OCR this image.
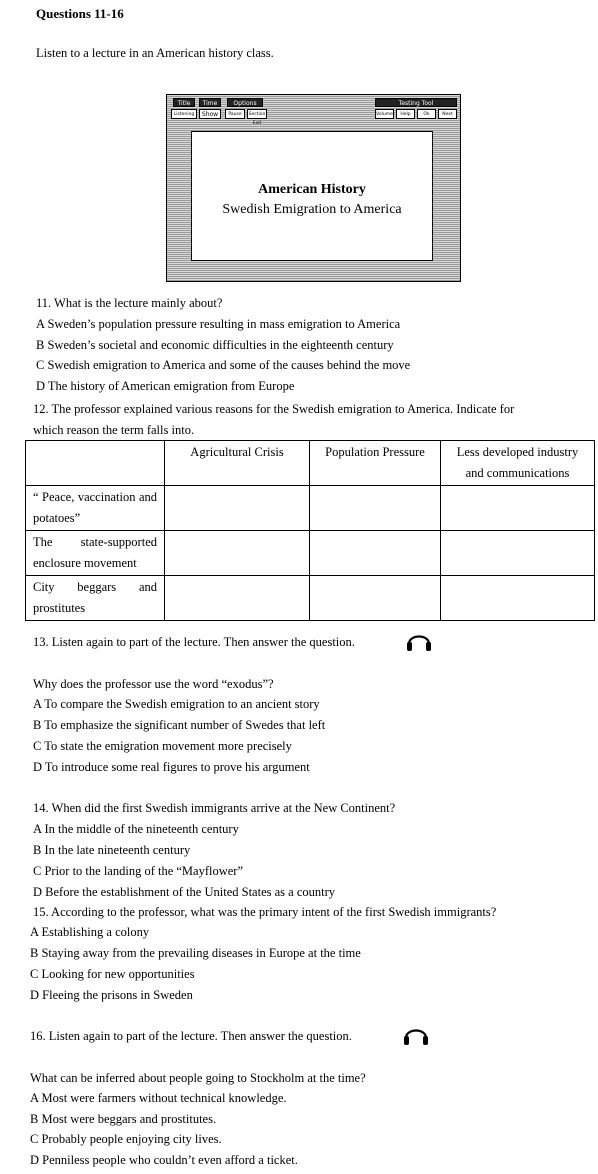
Questions 11-16
Listen to a lecture in an American history class.
Title	Time	Options
Listening	Show	Pause	Section Exit
Testing Tool
Volume	Help	Ok	Next
American History
Swedish Emigration to America
11. What is the lecture mainly about?
A Sweden’s population pressure resulting in mass emigration to America
B Sweden’s societal and economic difficulties in the eighteenth century
C Swedish emigration to America and some of the causes behind the move
D The history of American emigration from Europe
12. The professor explained various reasons for the Swedish emigration to America. Indicate for
which reason the term falls into.
	Agricultural Crisis	Population Pressure	Less developed industry and communications
“ Peace, vaccination and potatoes”			
The state-supported enclosure movement			
City beggars and prostitutes			
13. Listen again to part of the lecture. Then answer the question.
Why does the professor use the word “exodus”?
A To compare the Swedish emigration to an ancient story
B To emphasize the significant number of Swedes that left
C To state the emigration movement more precisely
D To introduce some real figures to prove his argument
14. When did the first Swedish immigrants arrive at the New Continent?
A In the middle of the nineteenth century
B In the late nineteenth century
C Prior to the landing of the “Mayflower”
D Before the establishment of the United States as a country
15. According to the professor, what was the primary intent of the first Swedish immigrants?
A Establishing a colony
B Staying away from the prevailing diseases in Europe at the time
C Looking for new opportunities
D Fleeing the prisons in Sweden
16. Listen again to part of the lecture. Then answer the question.
What can be inferred about people going to Stockholm at the time?
A Most were farmers without technical knowledge.
B Most were beggars and prostitutes.
C Probably people enjoying city lives.
D Penniless people who couldn’t even afford a ticket.
